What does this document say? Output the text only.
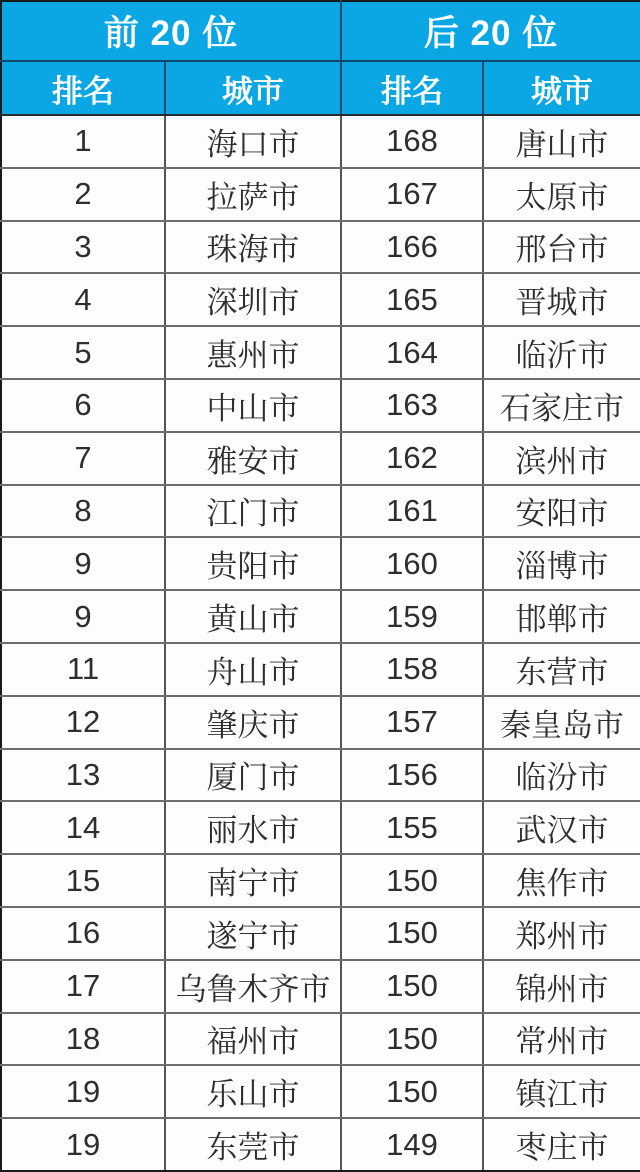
前 20 位		后 20 位	
排名	城市	排名	城市
1	海口市	168	唐山市
2	拉萨市	167	太原市
3	珠海市	166	邢台市
4	深圳市	165	晋城市
5	惠州市	164	临沂市
6	中山市	163	石家庄市
7	雅安市	162	滨州市
8	江门市	161	安阳市
9	贵阳市	160	淄博市
9	黄山市	159	邯郸市
11	舟山市	158	东营市
12	肇庆市	157	秦皇岛市
13	厦门市	156	临汾市
14	丽水市	155	武汉市
15	南宁市	150	焦作市
16	遂宁市	150	郑州市
17	乌鲁木齐市	150	锦州市
18	福州市	150	常州市
19	乐山市	150	镇江市
19	东莞市	149	枣庄市
